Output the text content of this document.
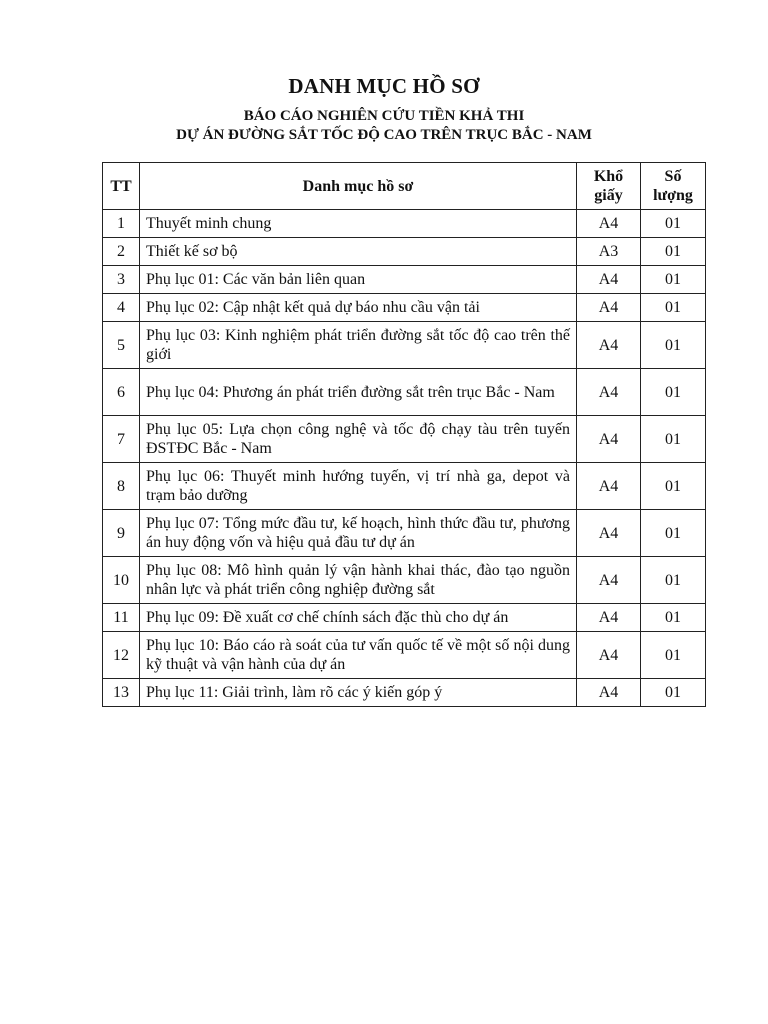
DANH MỤC HỒ SƠ
BÁO CÁO NGHIÊN CỨU TIỀN KHẢ THI
DỰ ÁN ĐƯỜNG SẮT TỐC ĐỘ CAO TRÊN TRỤC BẮC - NAM
TT	Danh mục hồ sơ	Khổ giấy	Số lượng
1	Thuyết minh chung	A4	01
2	Thiết kế sơ bộ	A3	01
3	Phụ lục 01: Các văn bản liên quan	A4	01
4	Phụ lục 02: Cập nhật kết quả dự báo nhu cầu vận tải	A4	01
5	Phụ lục 03: Kinh nghiệm phát triển đường sắt tốc độ cao trên thế giới	A4	01
6	Phụ lục 04: Phương án phát triển đường sắt trên trục Bắc - Nam	A4	01
7	Phụ lục 05: Lựa chọn công nghệ và tốc độ chạy tàu trên tuyến ĐSTĐC Bắc - Nam	A4	01
8	Phụ lục 06: Thuyết minh hướng tuyến, vị trí nhà ga, depot và trạm bảo dưỡng	A4	01
9	Phụ lục 07: Tổng mức đầu tư, kế hoạch, hình thức đầu tư, phương án huy động vốn và hiệu quả đầu tư dự án	A4	01
10	Phụ lục 08: Mô hình quản lý vận hành khai thác, đào tạo nguồn nhân lực và phát triển công nghiệp đường sắt	A4	01
11	Phụ lục 09: Đề xuất cơ chế chính sách đặc thù cho dự án	A4	01
12	Phụ lục 10: Báo cáo rà soát của tư vấn quốc tế về một số nội dung kỹ thuật và vận hành của dự án	A4	01
13	Phụ lục 11: Giải trình, làm rõ các ý kiến góp ý	A4	01
